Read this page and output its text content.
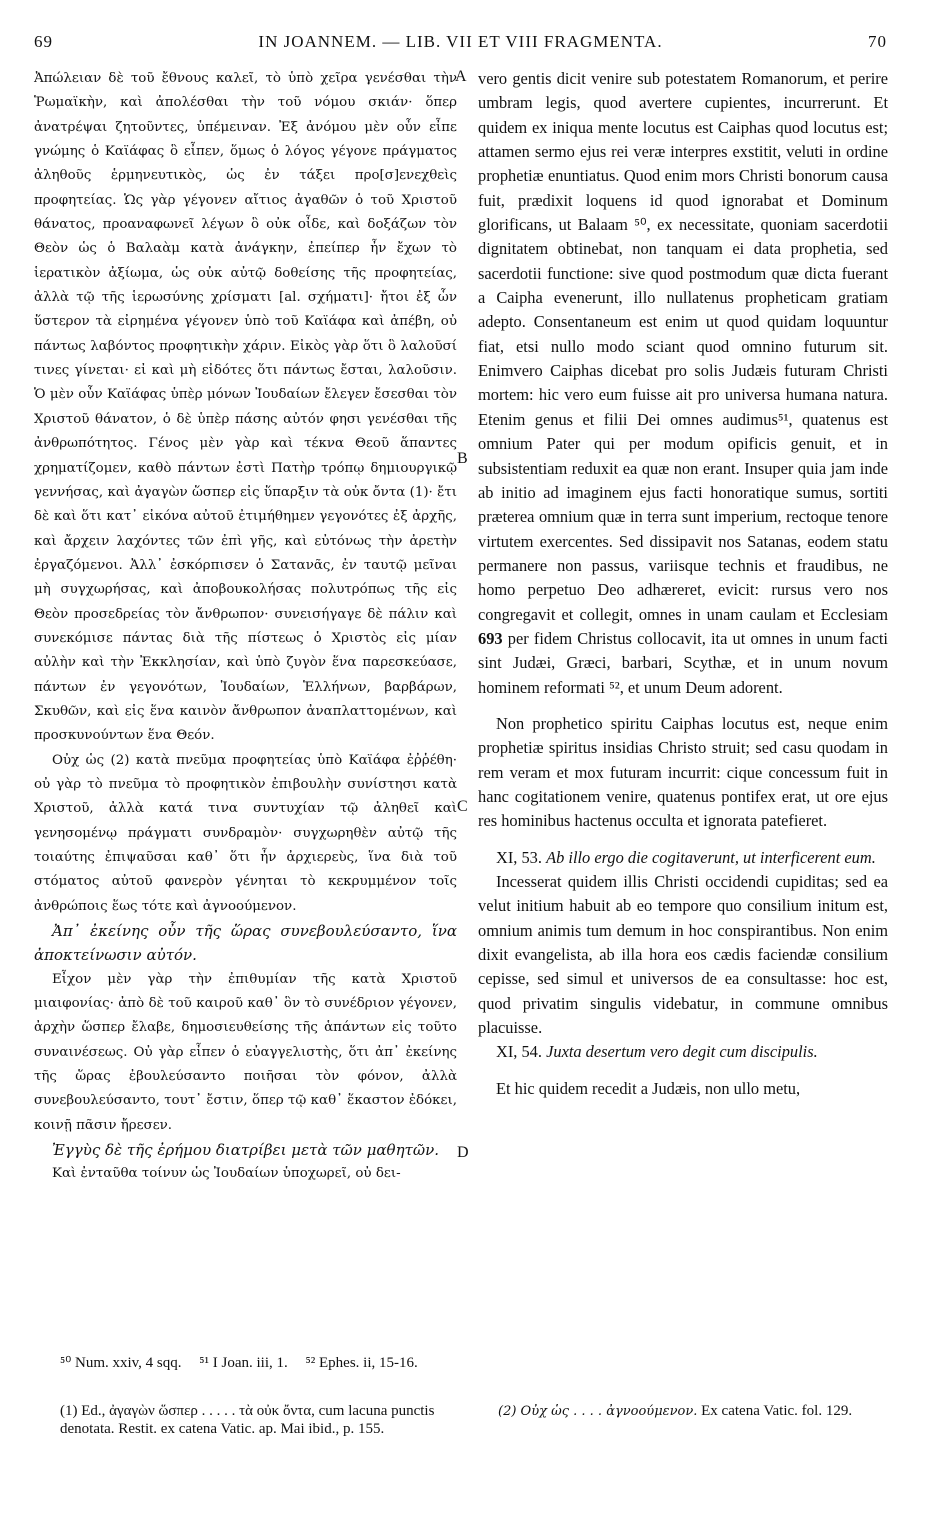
69	IN JOANNEM. — LIB. VII ET VIII FRAGMENTA.	70

Ἀπώλειαν δὲ τοῦ ἔθνους καλεῖ, τὸ ὑπὸ χεῖρα γενέσθαι τὴν Ῥωμαϊκὴν, καὶ ἀπολέσθαι τὴν τοῦ νόμου σκιάν· ὅπερ ἀνατρέψαι ζητοῦντες, ὑπέμειναν. Ἐξ ἀνόμου μὲν οὖν εἶπε γνώμης ὁ Καϊάφας ὃ εἶπεν, ὅμως ὁ λόγος γέγονε πράγματος ἀληθοῦς ἑρμηνευτικὸς, ὡς ἐν τάξει προ[σ]ενεχθεὶς προφητείας. Ὡς γὰρ γέγονεν αἴτιος ἀγαθῶν ὁ τοῦ Χριστοῦ θάνατος, προαναφωνεῖ λέγων ὃ οὐκ οἶδε, καὶ δοξάζων τὸν Θεὸν ὡς ὁ Βαλαὰμ κατὰ ἀνάγκην, ἐπείπερ ἦν ἔχων τὸ ἱερατικὸν ἀξίωμα, ὡς οὐκ αὐτῷ δοθείσης τῆς προφητείας, ἀλλὰ τῷ τῆς ἱερωσύνης χρίσματι [al. σχήματι]· ἤτοι ἐξ ὧν ὕστερον τὰ εἰρημένα γέγονεν ὑπὸ τοῦ Καϊάφα καὶ ἀπέβη, οὐ πάντως λαβόντος προφητικὴν χάριν. Εἰκὸς γὰρ ὅτι ὃ λαλοῦσί τινες γίνεται· εἰ καὶ μὴ εἰδότες ὅτι πάντως ἔσται, λαλοῦσιν. Ὁ μὲν οὖν Καϊάφας ὑπὲρ μόνων Ἰουδαίων ἔλεγεν ἔσεσθαι τὸν Χριστοῦ θάνατον, ὁ δὲ ὑπὲρ πάσης αὐτόν φησι γενέσθαι τῆς ἀνθρωπότητος. Γένος μὲν γὰρ καὶ τέκνα Θεοῦ ἅπαντες χρηματίζομεν, καθὸ πάντων ἐστὶ Πατὴρ τρόπῳ δημιουργικῷ γεννήσας, καὶ ἀγαγὼν ὥσπερ εἰς ὕπαρξιν τὰ οὐκ ὄντα (1)· ἔτι δὲ καὶ ὅτι κατ᾽ εἰκόνα αὐτοῦ ἐτιμήθημεν γεγονότες ἐξ ἀρχῆς, καὶ ἄρχειν λαχόντες τῶν ἐπὶ γῆς, καὶ εὐτόνως τὴν ἀρετὴν ἐργαζόμενοι. Ἀλλ᾽ ἐσκόρπισεν ὁ Σατανᾶς, ἐν ταυτῷ μεῖναι μὴ συγχωρήσας, καὶ ἀποβουκολήσας πολυτρόπως τῆς εἰς Θεὸν προσεδρείας τὸν ἄνθρωπον· συνεισήγαγε δὲ πάλιν καὶ συνεκόμισε πάντας διὰ τῆς πίστεως ὁ Χριστὸς εἰς μίαν αὐλὴν καὶ τὴν Ἐκκλησίαν, καὶ ὑπὸ ζυγὸν ἕνα παρεσκεύασε, πάντων ἐν γεγονότων, Ἰουδαίων, Ἑλλήνων, βαρβάρων, Σκυθῶν, καὶ εἰς ἕνα καινὸν ἄνθρωπον ἀναπλαττομένων, καὶ προσκυνούντων ἕνα Θεόν.

Οὐχ ὡς (2) κατὰ πνεῦμα προφητείας ὑπὸ Καϊάφα ἐῤῥέθη· οὐ γὰρ τὸ πνεῦμα τὸ προφητικὸν ἐπιβουλὴν συνίστησι κατὰ Χριστοῦ, ἀλλὰ κατά τινα συντυχίαν τῷ ἀληθεῖ καὶ γενησομένῳ πράγματι συνδραμὸν· συγχωρηθὲν αὐτῷ τῆς τοιαύτης ἐπιψαῦσαι καθ᾽ ὅτι ἦν ἀρχιερεὺς, ἵνα διὰ τοῦ στόματος αὐτοῦ φανερὸν γένηται τὸ κεκρυμμένον τοῖς ἀνθρώποις ἕως τότε καὶ ἀγνοούμενον.

Ἀπ᾽ ἐκείνης οὖν τῆς ὥρας συνεβουλεύσαντο, ἵνα ἀποκτείνωσιν αὐτόν.

Εἶχον μὲν γὰρ τὴν ἐπιθυμίαν τῆς κατὰ Χριστοῦ μιαιφονίας· ἀπὸ δὲ τοῦ καιροῦ καθ᾽ ὃν τὸ συνέδριον γέγονεν, ἀρχὴν ὥσπερ ἔλαβε, δημοσιευθείσης τῆς ἁπάντων εἰς τοῦτο συναινέσεως. Οὐ γὰρ εἶπεν ὁ εὐαγγελιστὴς, ὅτι ἀπ᾽ ἐκείνης τῆς ὥρας ἐβουλεύσαντο ποιῆσαι τὸν φόνον, ἀλλὰ συνεβουλεύσαντο, τουτ᾽ ἔστιν, ὅπερ τῷ καθ᾽ ἕκαστον ἐδόκει, κοινῇ πᾶσιν ἤρεσεν.

Ἐγγὺς δὲ τῆς ἐρήμου διατρίβει μετὰ τῶν μαθητῶν.

Καὶ ἐνταῦθα τοίνυν ὡς Ἰουδαίων ὑποχωρεῖ, οὐ δει-

A
B
C
D

vero gentis dicit venire sub potestatem Romanorum, et perire umbram legis, quod avertere cupientes, incurrerunt. Et quidem ex iniqua mente locutus est Caiphas quod locutus est; attamen sermo ejus rei veræ interpres exstitit, veluti in ordine prophetiæ enuntiatus. Quod enim mors Christi bonorum causa fuit, prædixit loquens id quod ignorabat et Dominum glorificans, ut Balaam ⁵⁰, ex necessitate, quoniam sacerdotii dignitatem obtinebat, non tanquam ei data prophetia, sed sacerdotii functione: sive quod postmodum quæ dicta fuerant a Caipha evenerunt, illo nullatenus propheticam gratiam adepto. Consentaneum est enim ut quod quidam loquuntur fiat, etsi nullo modo sciant quod omnino futurum sit. Enimvero Caiphas dicebat pro solis Judæis futuram Christi mortem: hic vero eum fuisse ait pro universa humana natura. Etenim genus et filii Dei omnes audimus⁵¹, quatenus est omnium Pater qui per modum opificis genuit, et in subsistentiam reduxit ea quæ non erant. Insuper quia jam inde ab initio ad imaginem ejus facti honoratique sumus, sortiti præterea omnium quæ in terra sunt imperium, rectoque tenore virtutem exercentes. Sed dissipavit nos Satanas, eodem statu permanere non passus, variisque technis et fraudibus, ne homo perpetuo Deo adhæreret, evicit: rursus vero nos congregavit et collegit, omnes in unam caulam et Ecclesiam 693 per fidem Christus collocavit, ita ut omnes in unum facti sint Judæi, Græci, barbari, Scythæ, et in unum novum hominem reformati ⁵², et unum Deum adorent.

Non prophetico spiritu Caiphas locutus est, neque enim prophetiæ spiritus insidias Christo struit; sed casu quodam in rem veram et mox futuram incurrit: cique concessum fuit in hanc cogitationem venire, quatenus pontifex erat, ut ore ejus res hominibus hactenus occulta et ignorata patefieret.

XI, 53. Ab illo ergo die cogitaverunt, ut interficerent eum.

Incesserat quidem illis Christi occidendi cupiditas; sed ea velut initium habuit ab eo tempore quo consilium initum est, omnium animis tum demum in hoc conspirantibus. Non enim dixit evangelista, ab illa hora eos cædis faciendæ consilium cepisse, sed simul et universos de ea consultasse: hoc est, quod privatim singulis videbatur, in commune omnibus placuisse.

XI, 54. Juxta desertum vero degit cum discipulis.

Et hic quidem recedit a Judæis, non ullo metu,

⁵⁰ Num. xxiv, 4 sqq. ⁵¹ I Joan. iii, 1. ⁵² Ephes. ii, 15-16.
(1) Ed., ἀγαγὼν ὥσπερ . . . . . τὰ οὐκ ὄντα, cum lacuna punctis denotata. Restit. ex catena Vatic. ap. Mai ibid., p. 155.
(2) Οὐχ ὡς . . . . ἀγνοούμενον. Ex catena Vatic. fol. 129.
